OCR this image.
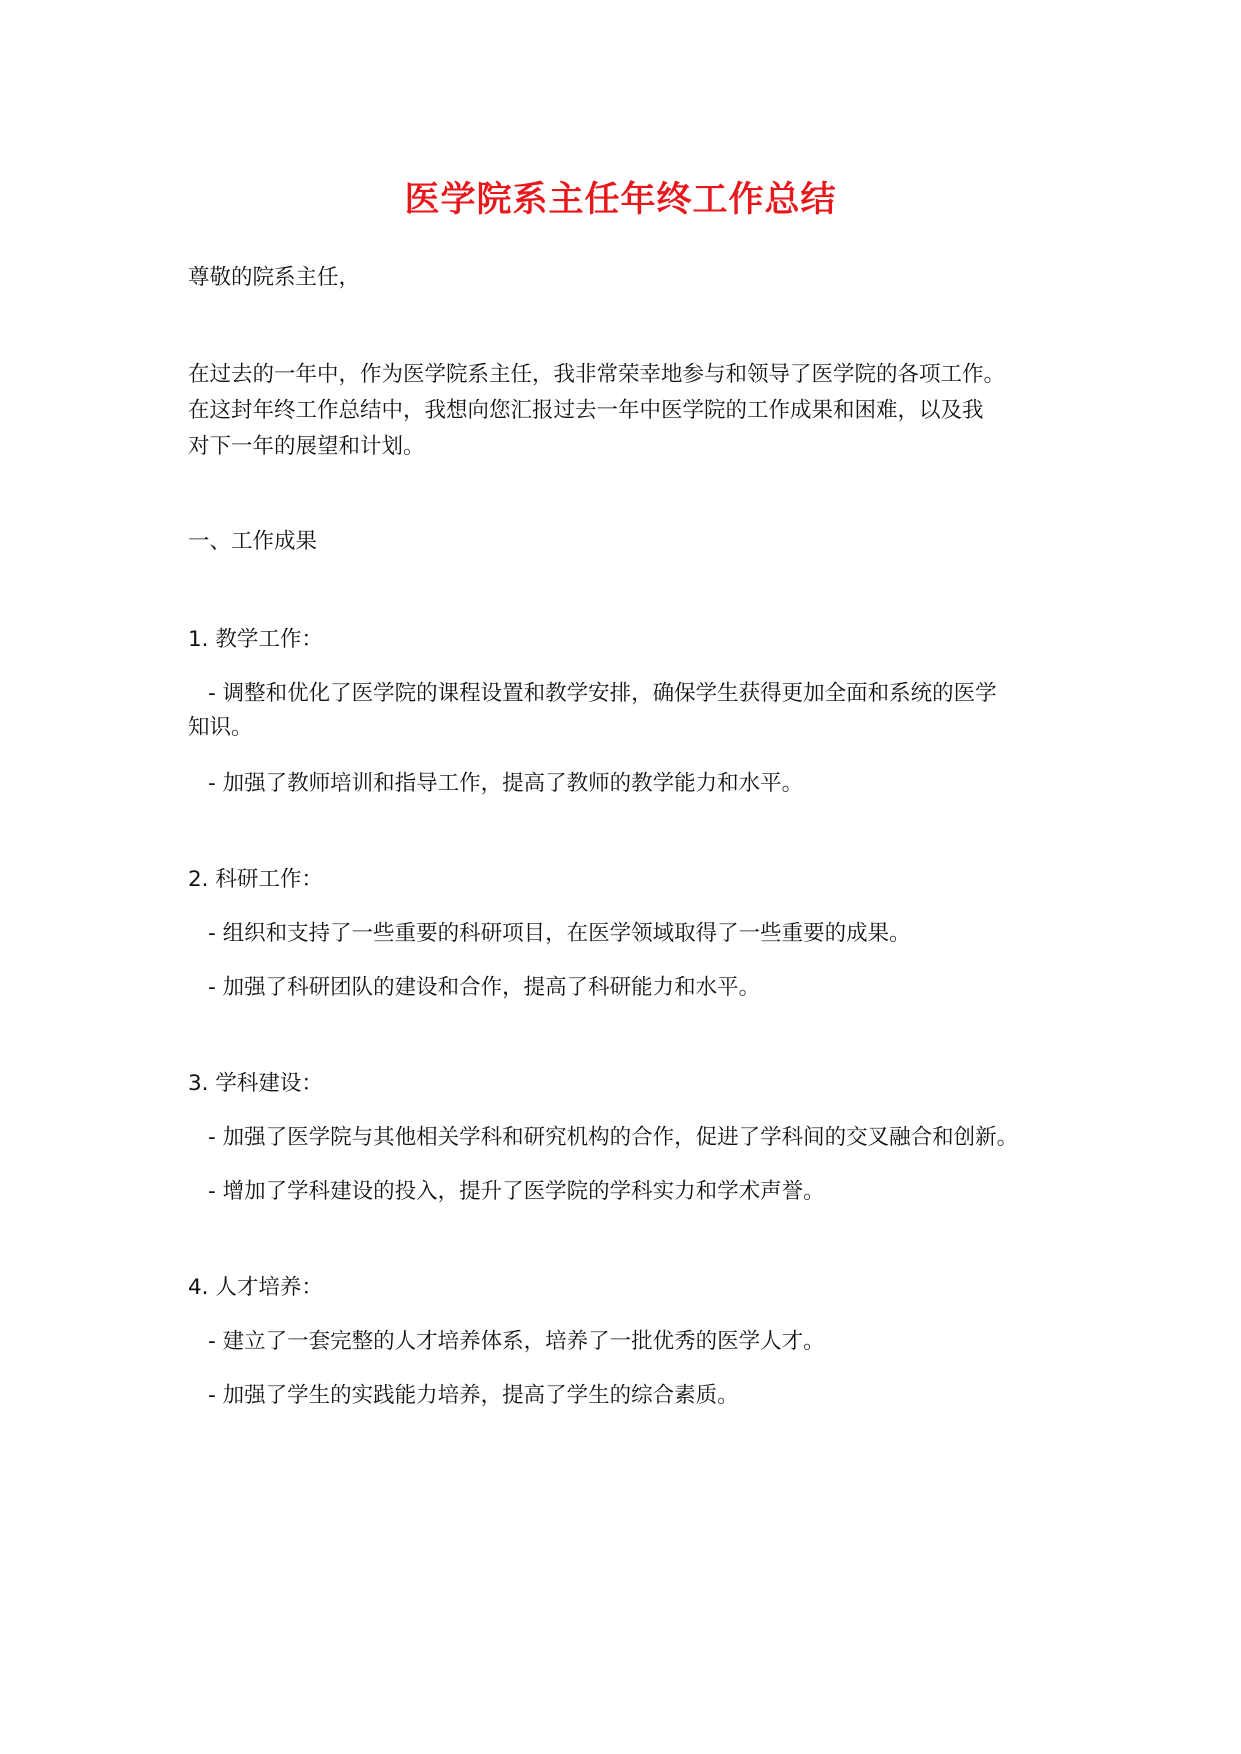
医学院系主任年终工作总结
尊敬的院系主任，
在过去的一年中，作为医学院系主任，我非常荣幸地参与和领导了医学院的各项工作。
在这封年终工作总结中，我想向您汇报过去一年中医学院的工作成果和困难，以及我
对下一年的展望和计划。
一、工作成果
1. 教学工作：
- 调整和优化了医学院的课程设置和教学安排，确保学生获得更加全面和系统的医学
知识。
- 加强了教师培训和指导工作，提高了教师的教学能力和水平。
2. 科研工作：
- 组织和支持了一些重要的科研项目，在医学领域取得了一些重要的成果。
- 加强了科研团队的建设和合作，提高了科研能力和水平。
3. 学科建设：
- 加强了医学院与其他相关学科和研究机构的合作，促进了学科间的交叉融合和创新。
- 增加了学科建设的投入，提升了医学院的学科实力和学术声誉。
4. 人才培养：
- 建立了一套完整的人才培养体系，培养了一批优秀的医学人才。
- 加强了学生的实践能力培养，提高了学生的综合素质。
